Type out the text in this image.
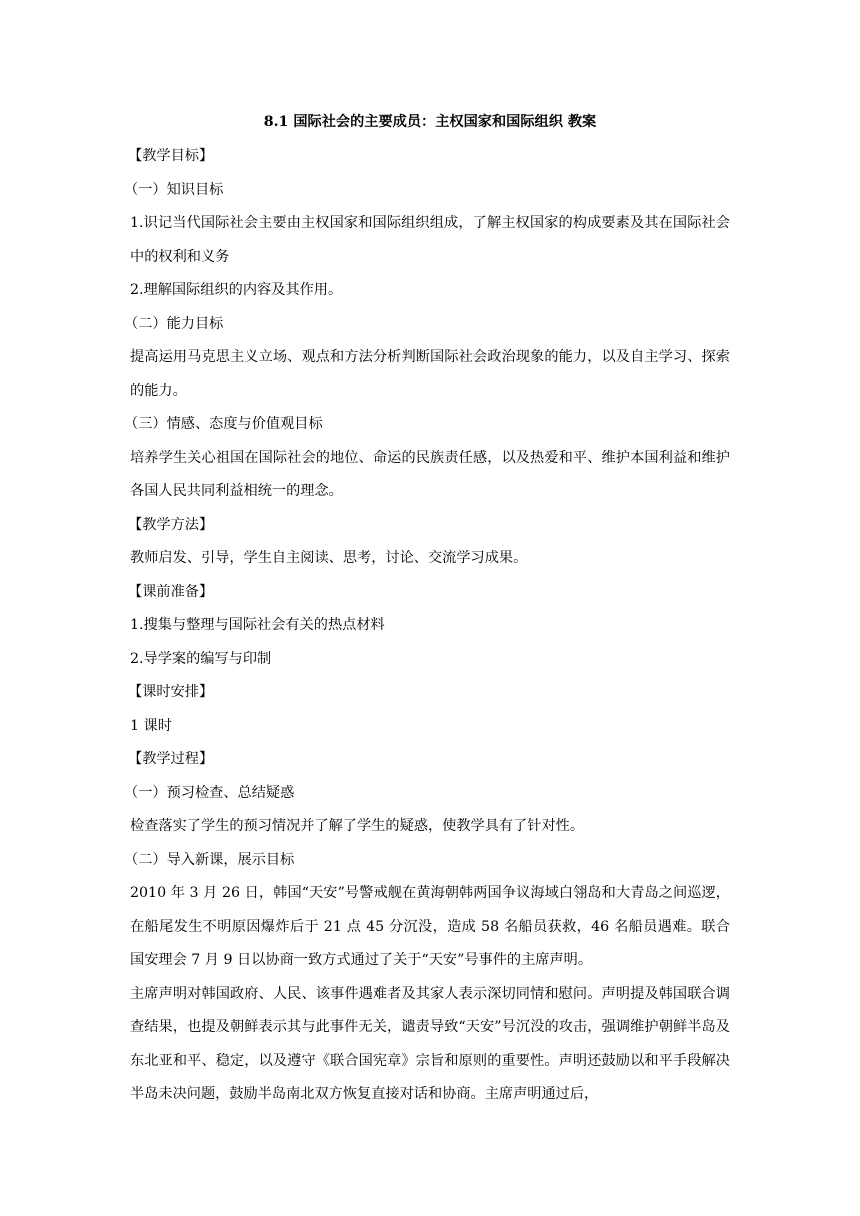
8.1 国际社会的主要成员：主权国家和国际组织 教案
【教学目标】
（一）知识目标
1.识记当代国际社会主要由主权国家和国际组织组成，了解主权国家的构成要素及其在国际社会中的权利和义务
2.理解国际组织的内容及其作用。
（二）能力目标
提高运用马克思主义立场、观点和方法分析判断国际社会政治现象的能力，以及自主学习、探索的能力。
（三）情感、态度与价值观目标
培养学生关心祖国在国际社会的地位、命运的民族责任感，以及热爱和平、维护本国利益和维护各国人民共同利益相统一的理念。
【教学方法】
教师启发、引导，学生自主阅读、思考，讨论、交流学习成果。
【课前准备】
1.搜集与整理与国际社会有关的热点材料
2.导学案的编写与印制
【课时安排】
1 课时
【教学过程】
（一）预习检查、总结疑惑
检查落实了学生的预习情况并了解了学生的疑惑，使教学具有了针对性。
（二）导入新课，展示目标
2010 年 3 月 26 日，韩国“天安”号警戒舰在黄海朝韩两国争议海域白翎岛和大青岛之间巡逻，在船尾发生不明原因爆炸后于 21 点 45 分沉没，造成 58 名船员获救，46 名船员遇难。联合国安理会 7 月 9 日以协商一致方式通过了关于“天安”号事件的主席声明。
主席声明对韩国政府、人民、该事件遇难者及其家人表示深切同情和慰问。声明提及韩国联合调查结果，也提及朝鲜表示其与此事件无关，谴责导致“天安”号沉没的攻击，强调维护朝鲜半岛及东北亚和平、稳定，以及遵守《联合国宪章》宗旨和原则的重要性。声明还鼓励以和平手段解决半岛未决问题，鼓励半岛南北双方恢复直接对话和协商。主席声明通过后，
